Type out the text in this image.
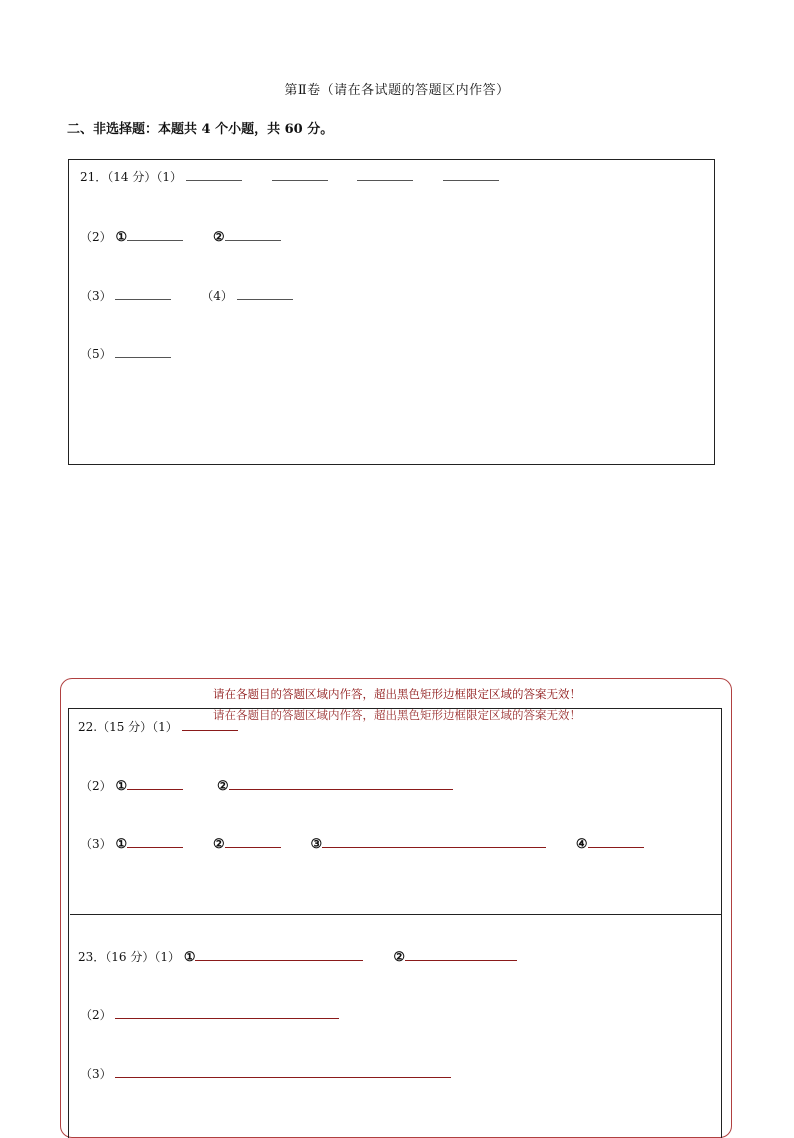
第Ⅱ卷（请在各试题的答题区内作答）
二、非选择题：本题共 4 个小题，共 60 分。
21．（14 分）（1）
（2） ①	②
（3）	（4）
（5）
请在各题目的答题区域内作答，超出黑色矩形边框限定区域的答案无效！
请在各题目的答题区域内作答，超出黑色矩形边框限定区域的答案无效！
22.（15 分）（1）
（2） ①	②
（3） ①	②	③	④
23．（16 分）（1） ①	②
（2）
（3）
